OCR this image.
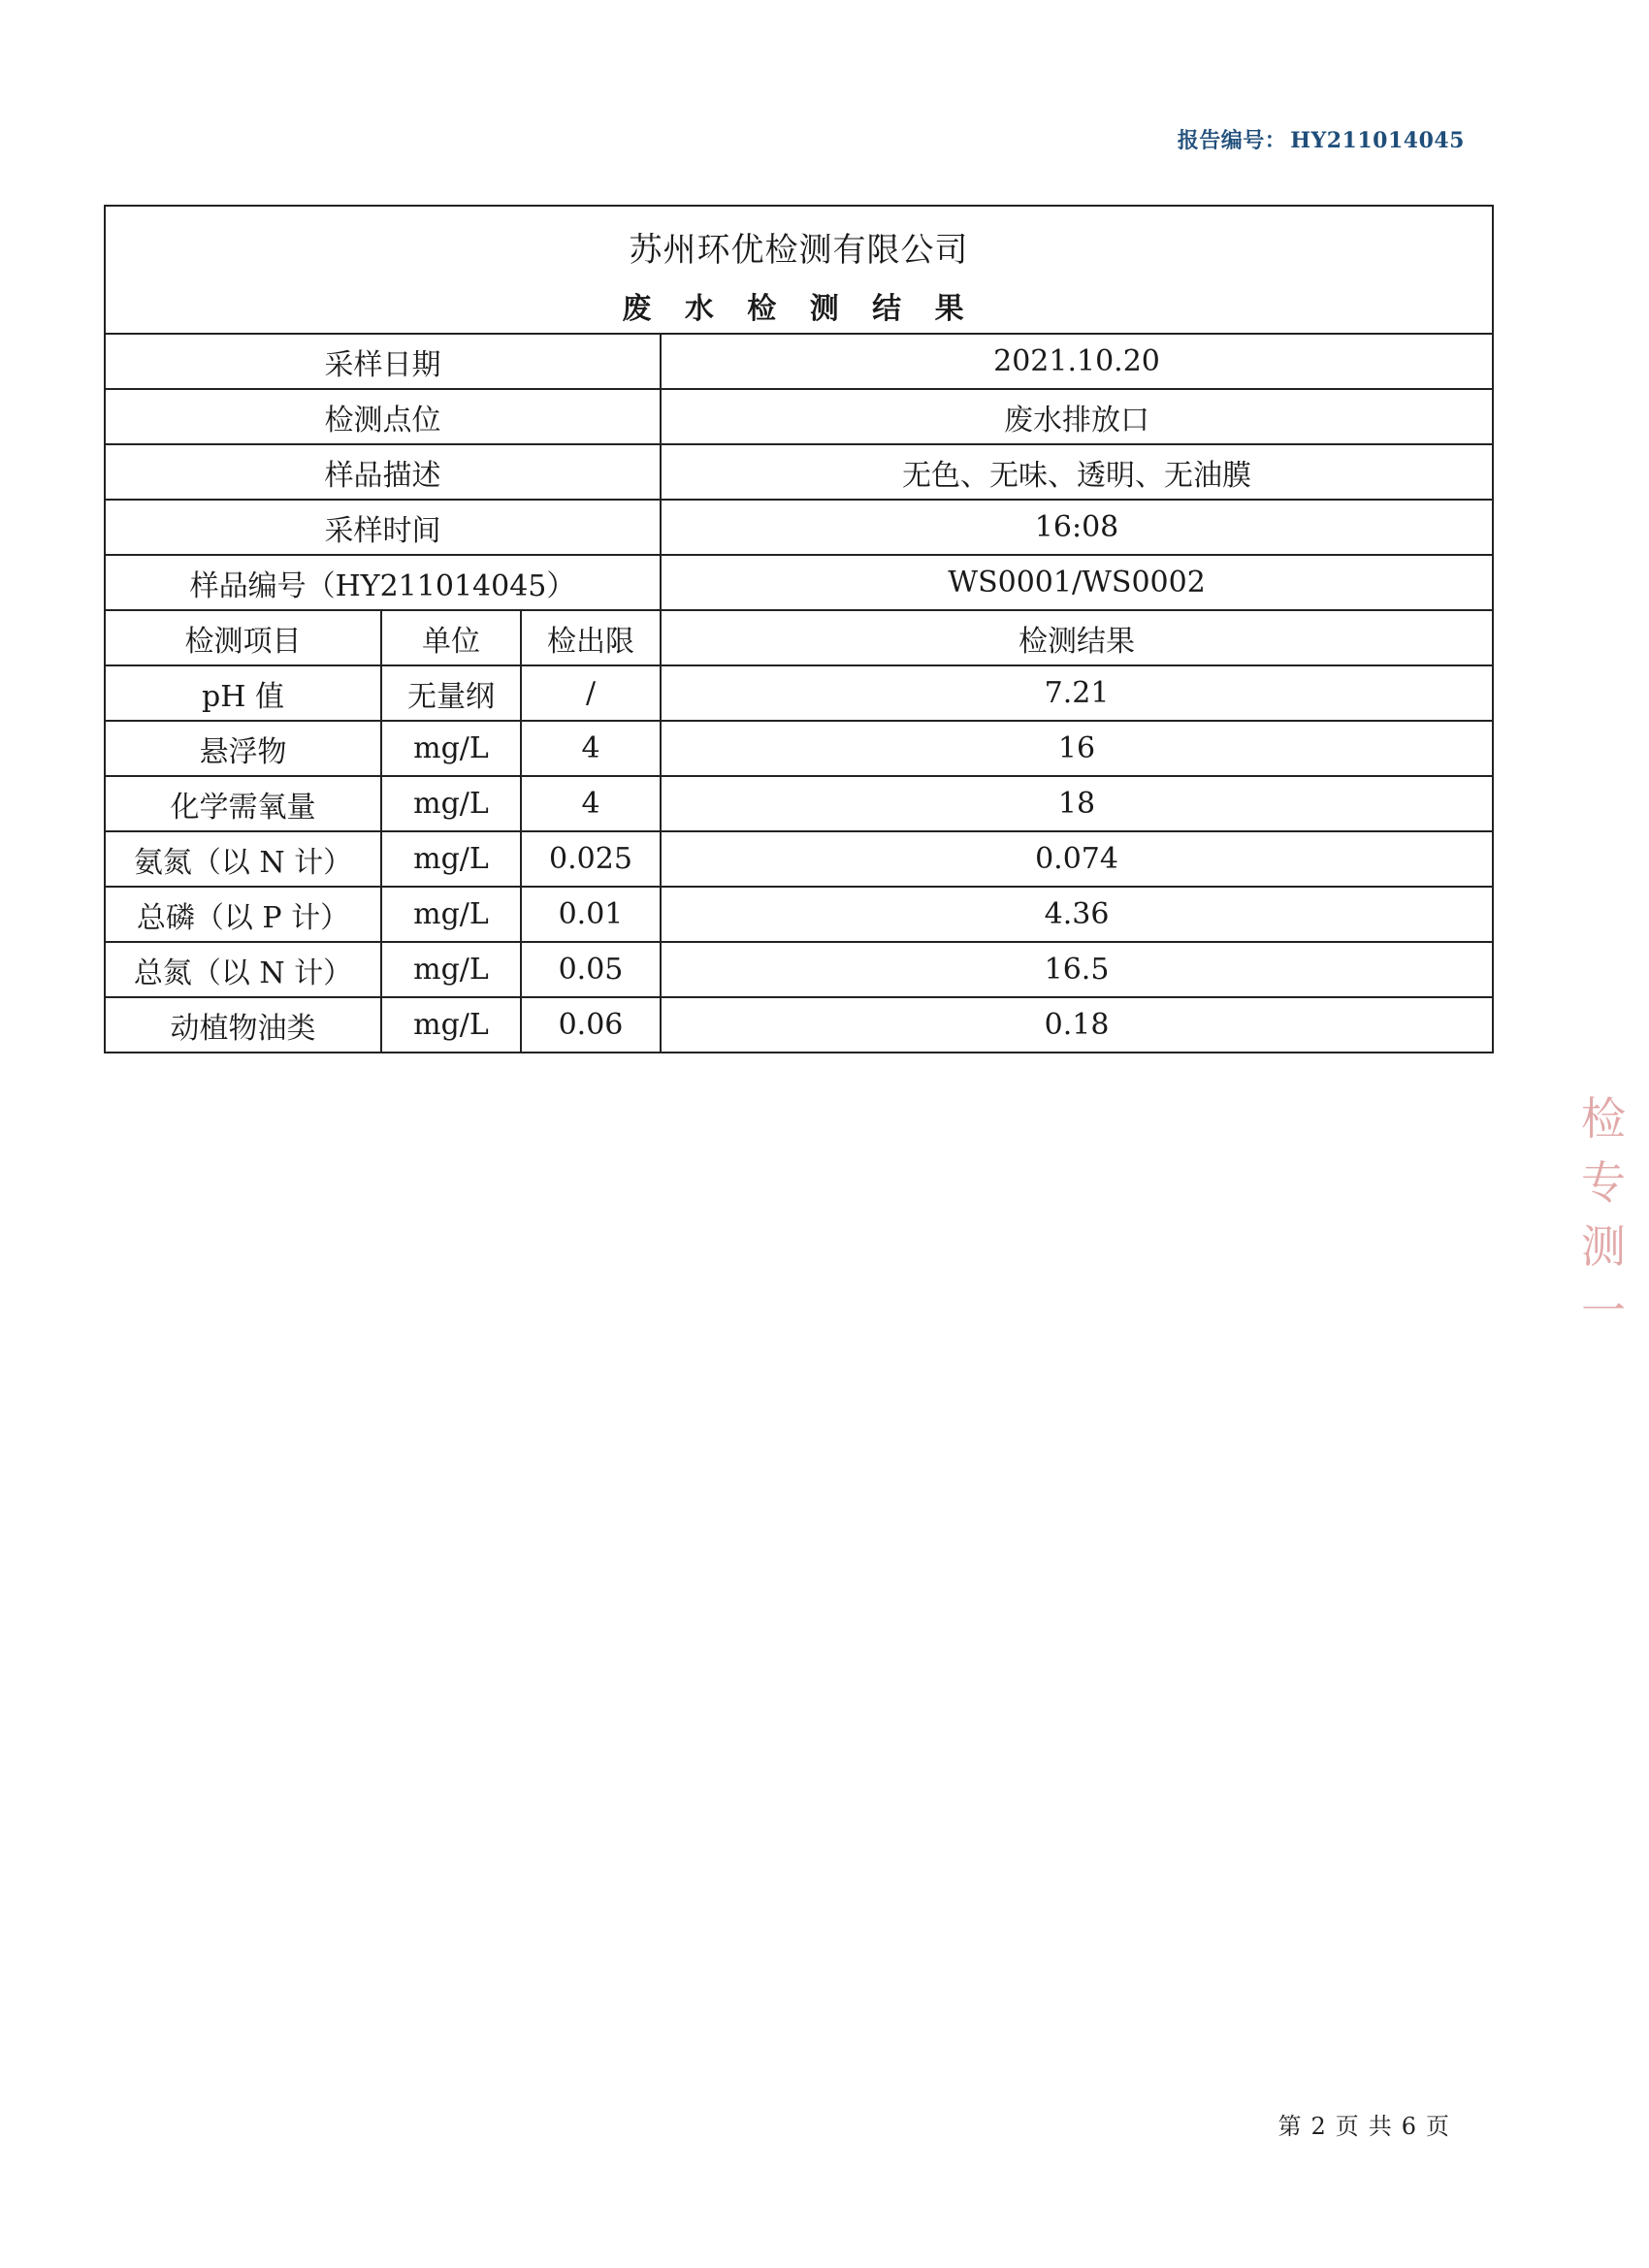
报告编号： HY211014045
苏州环优检测有限公司
废 水 检 测 结 果			

采样日期			2021.10.20
检测点位			废水排放口
样品描述			无色、无味、透明、无油膜
采样时间			16:08
样品编号（HY211014045）			WS0001/WS0002
检测项目	单位	检出限	检测结果
pH 值	无量纲	/	7.21
悬浮物	mg/L	4	16
化学需氧量	mg/L	4	18
氨氮（以 N 计）	mg/L	0.025	0.074
总磷（以 P 计）	mg/L	0.01	4.36
总氮（以 N 计）	mg/L	0.05	16.5
动植物油类	mg/L	0.06	0.18
检
专
测
一
第 2 页 共 6 页
